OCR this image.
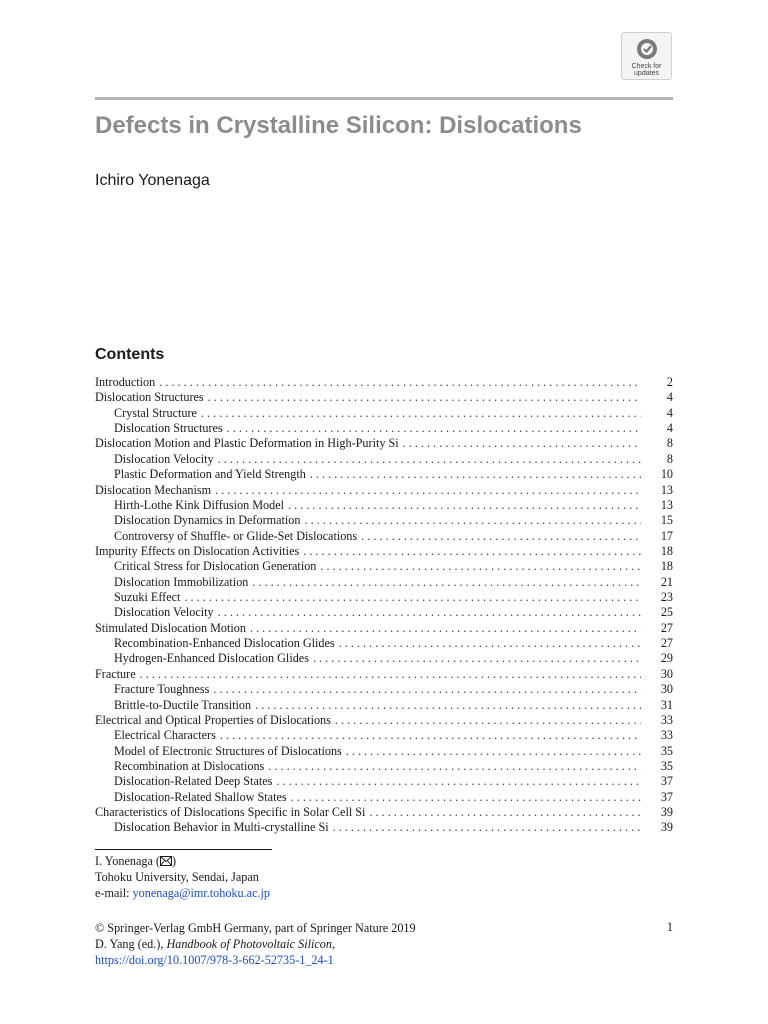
Check for
updates
Defects in Crystalline Silicon: Dislocations
Ichiro Yonenaga
Contents
Introduction . . .	2
Dislocation Structures . . .	4
Crystal Structure . . .	4
Dislocation Structures . . .	4
Dislocation Motion and Plastic Deformation in High-Purity Si . . .	8
Dislocation Velocity . . .	8
Plastic Deformation and Yield Strength . . .	10
Dislocation Mechanism . . .	13
Hirth-Lothe Kink Diffusion Model . . .	13
Dislocation Dynamics in Deformation . . .	15
Controversy of Shuffle- or Glide-Set Dislocations . . .	17
Impurity Effects on Dislocation Activities . . .	18
Critical Stress for Dislocation Generation . . .	18
Dislocation Immobilization . . .	21
Suzuki Effect . . .	23
Dislocation Velocity . . .	25
Stimulated Dislocation Motion . . .	27
Recombination-Enhanced Dislocation Glides . . .	27
Hydrogen-Enhanced Dislocation Glides . . .	29
Fracture . . .	30
Fracture Toughness . . .	30
Brittle-to-Ductile Transition . . .	31
Electrical and Optical Properties of Dislocations . . .	33
Electrical Characters . . .	33
Model of Electronic Structures of Dislocations . . .	35
Recombination at Dislocations . . .	35
Dislocation-Related Deep States . . .	37
Dislocation-Related Shallow States . . .	37
Characteristics of Dislocations Specific in Solar Cell Si . . .	39
Dislocation Behavior in Multi-crystalline Si . . .	39
I. Yonenaga ( )
Tohoku University, Sendai, Japan
e-mail: yonenaga@imr.tohoku.ac.jp
© Springer-Verlag GmbH Germany, part of Springer Nature 2019
D. Yang (ed.), Handbook of Photovoltaic Silicon,
https://doi.org/10.1007/978-3-662-52735-1_24-1
1
